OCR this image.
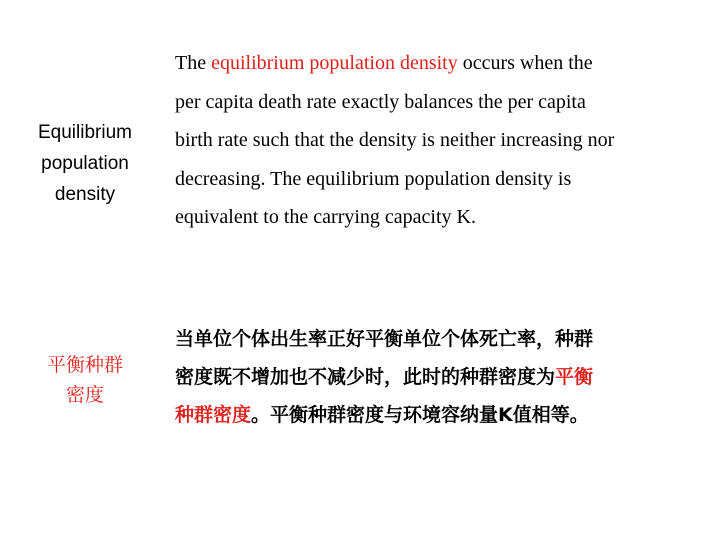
Equilibrium
population
density
The equilibrium population density occurs when the
per capita death rate exactly balances the per capita
birth rate such that the density is neither increasing nor
decreasing. The equilibrium population density is
equivalent to the carrying capacity K.
平衡种群
密度
当单位个体出生率正好平衡单位个体死亡率，种群
密度既不增加也不减少时，此时的种群密度为平衡
种群密度。平衡种群密度与环境容纳量K值相等。
